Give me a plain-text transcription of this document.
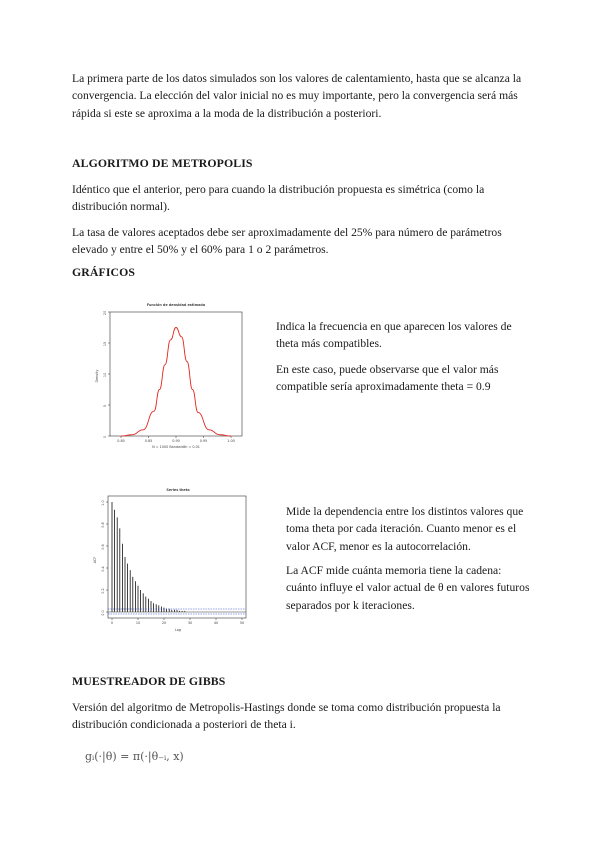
La primera parte de los datos simulados son los valores de calentamiento, hasta que se alcanza la convergencia. La elección del valor inicial no es muy importante, pero la convergencia será más rápida si este se aproxima a la moda de la distribución a posteriori.

ALGORITMO DE METROPOLIS

Idéntico que el anterior, pero para cuando la distribución propuesta es simétrica (como la distribución normal).

La tasa de valores aceptados debe ser aproximadamente del 25% para número de parámetros elevado y entre el 50% y el 60% para 1 o 2 parámetros.

GRÁFICOS
Función de densidad estimada
Density
N = 1000 Bandwidth = 0.01
0
5
10
15
20
0.80	0.85	0.90	0.95	1.00

Indica la frecuencia en que aparecen los valores de theta más compatibles.

En este caso, puede observarse que el valor más compatible sería aproximadamente theta = 0.9

Series theta
ACF
Lag
0.0
0.2
0.4
0.6
0.8
1.0
0	10	20	30	40	50

Mide la dependencia entre los distintos valores que toma theta por cada iteración. Cuanto menor es el valor ACF, menor es la autocorrelación.

La ACF mide cuánta memoria tiene la cadena: cuánto influye el valor actual de θ en valores futuros separados por k iteraciones.

MUESTREADOR DE GIBBS

Versión del algoritmo de Metropolis-Hastings donde se toma como distribución propuesta la distribución condicionada a posteriori de theta i.

gᵢ(·|θ) = π(·|θ₋ᵢ, x)
